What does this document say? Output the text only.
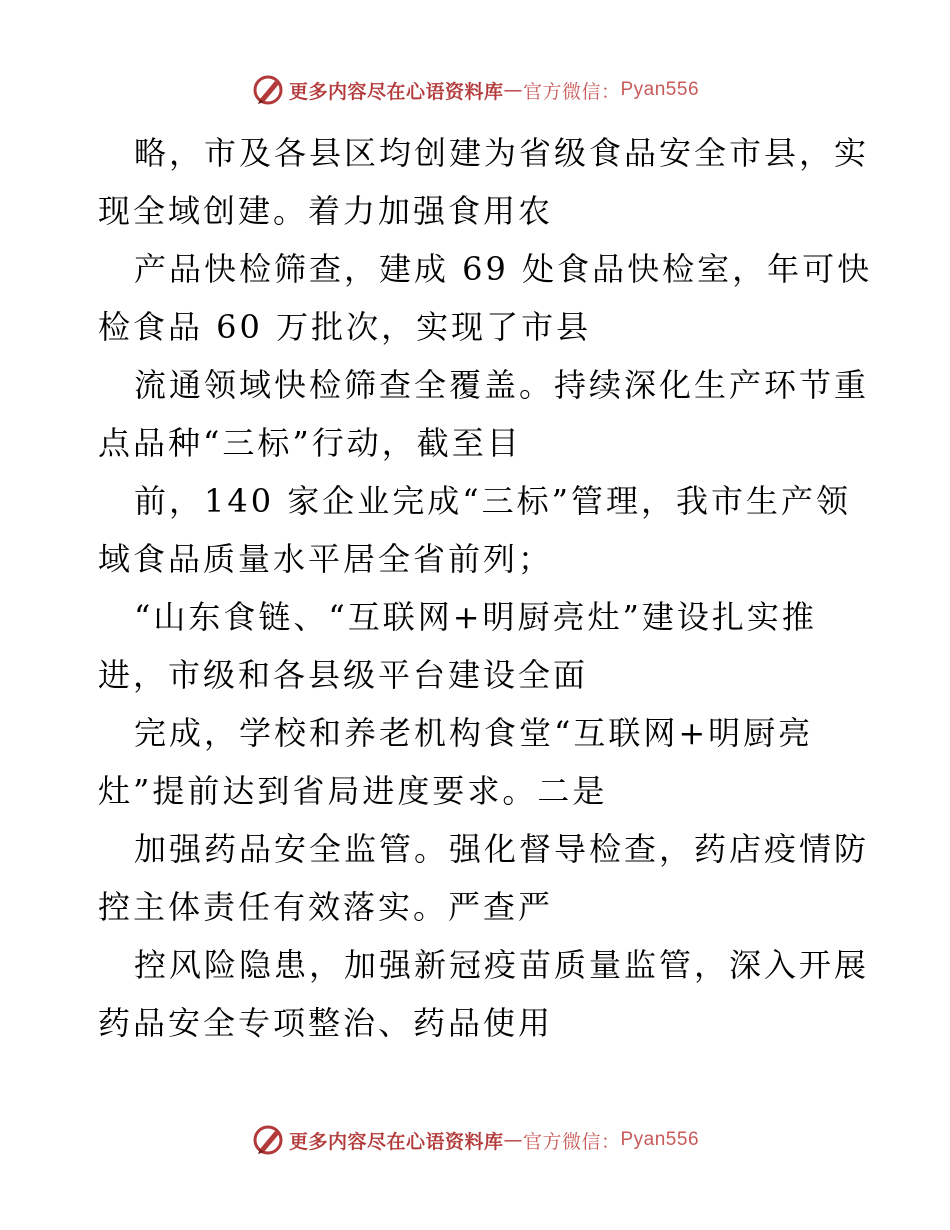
更多内容尽在心语资料库 — 官方微信： Pyan556
略，市及各县区均创建为省级食品安全市县，实
现全域创建。着力加强食用农
产品快检筛查，建成 69 处食品快检室，年可快
检食品 60 万批次，实现了市县
流通领域快检筛查全覆盖。持续深化生产环节重
点品种“三标”行动，截至目
前，140 家企业完成“三标”管理，我市生产领
域食品质量水平居全省前列；
“山东食链、“互联网+明厨亮灶”建设扎实推
进，市级和各县级平台建设全面
完成，学校和养老机构食堂“互联网+明厨亮
灶”提前达到省局进度要求。二是
加强药品安全监管。强化督导检查，药店疫情防
控主体责任有效落实。严查严
控风险隐患，加强新冠疫苗质量监管，深入开展
药品安全专项整治、药品使用
更多内容尽在心语资料库 — 官方微信： Pyan556
